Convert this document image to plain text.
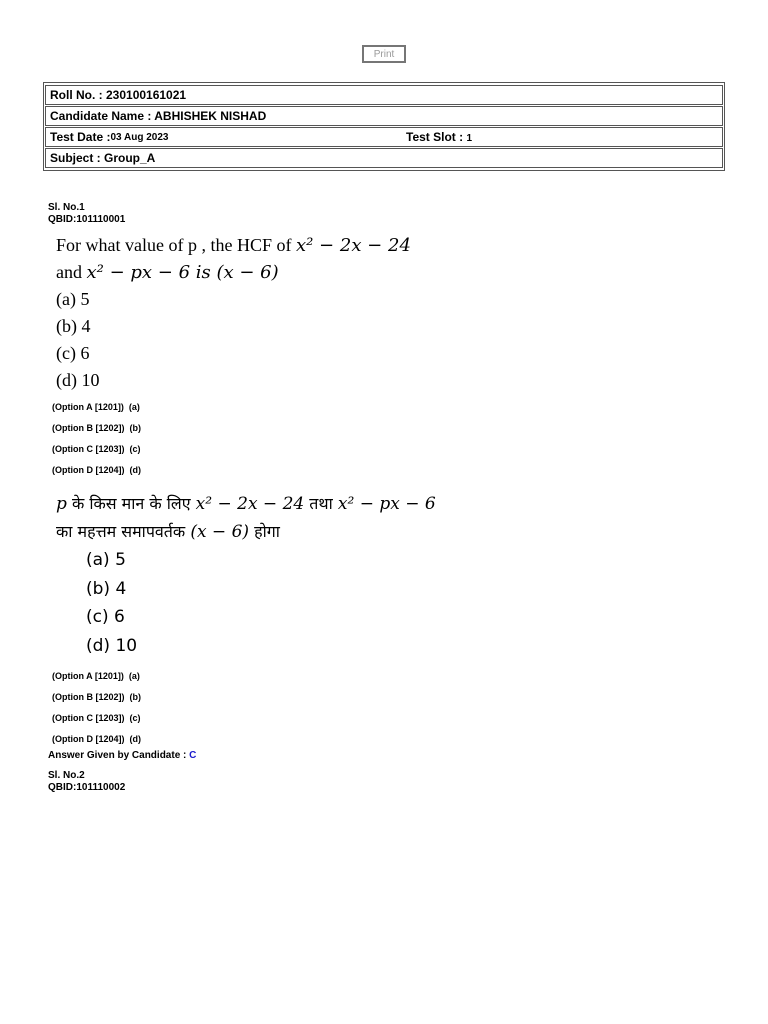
Print
Roll No. : 230100161021
Candidate Name : ABHISHEK NISHAD
Test Date : 03 Aug 2023	Test Slot : 1
Subject : Group_A
Sl. No.1
QBID:101110001
For what value of p , the HCF of x² − 2x − 24
and x² − px − 6 is (x − 6)
(a) 5
(b) 4
(c) 6
(d) 10
(Option A [1201]) (a)
(Option B [1202]) (b)
(Option C [1203]) (c)
(Option D [1204]) (d)
p के किस मान के लिए x² − 2x − 24 तथा x² − px − 6
का महत्तम समापवर्तक (x − 6) होगा
(a) 5
(b) 4
(c) 6
(d) 10
(Option A [1201]) (a)
(Option B [1202]) (b)
(Option C [1203]) (c)
(Option D [1204]) (d)
Answer Given by Candidate : C
Sl. No.2
QBID:101110002
